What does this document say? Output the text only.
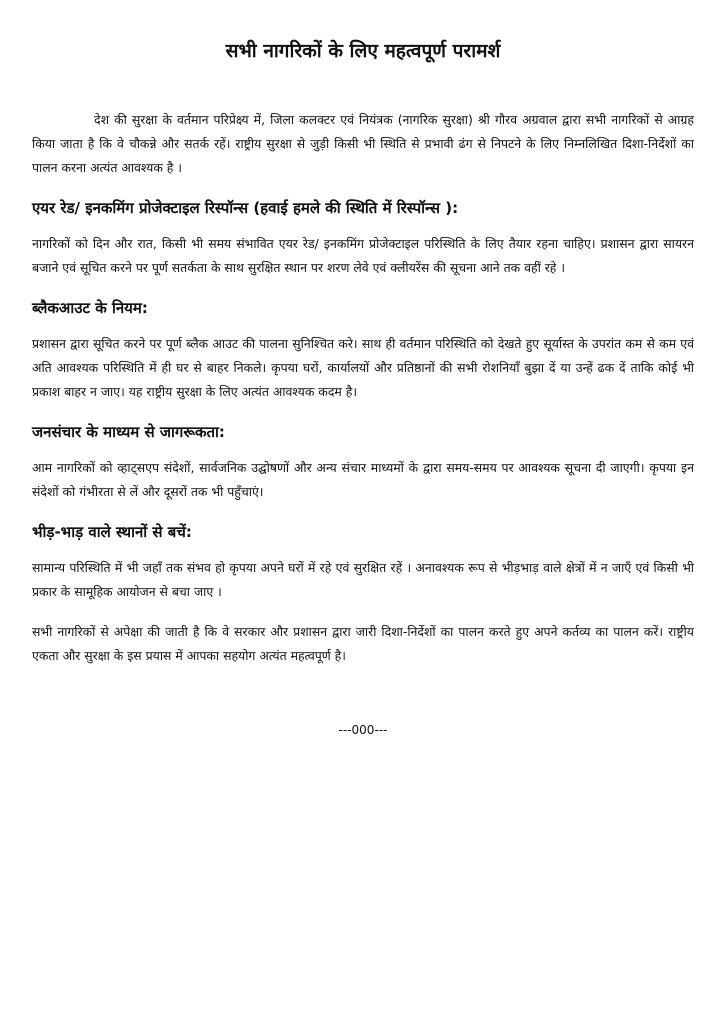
सभी नागरिकों के लिए महत्वपूर्ण परामर्श

देश की सुरक्षा के वर्तमान परिप्रेक्ष्य में, जिला कलक्टर एवं नियंत्रक (नागरिक सुरक्षा) श्री गौरव अग्रवाल द्वारा सभी नागरिकों से आग्रह किया जाता है कि वे चौकन्ने और सतर्क रहें। राष्ट्रीय सुरक्षा से जुड़ी किसी भी स्थिति से प्रभावी ढंग से निपटने के लिए निम्नलिखित दिशा-निर्देशों का पालन करना अत्यंत आवश्यक है ।

एयर रेड/ इनकमिंग प्रोजेक्टाइल रिस्पॉन्स (हवाई हमले की स्थिति में रिस्पॉन्स ):

नागरिकों को दिन और रात, किसी भी समय संभावित एयर रेड/ इनकमिंग प्रोजेक्टाइल परिस्थिति के लिए तैयार रहना चाहिए। प्रशासन द्वारा सायरन बजाने एवं सूचित करने पर पूर्ण सतर्कता के साथ सुरक्षित स्थान पर शरण लेवे एवं क्लीयरेंस की सूचना आने तक वहीं रहे ।

ब्लैकआउट के नियम:

प्रशासन द्वारा सूचित करने पर पूर्ण ब्लैक आउट की पालना सुनिश्चित करे। साथ ही वर्तमान परिस्थिति को देखते हुए सूर्यास्त के उपरांत कम से कम एवं अति आवश्यक परिस्थिति में ही घर से बाहर निकले। कृपया घरों, कार्यालयों और प्रतिष्ठानों की सभी रोशनियाँ बुझा दें या उन्हें ढक दें ताकि कोई भी प्रकाश बाहर न जाए। यह राष्ट्रीय सुरक्षा के लिए अत्यंत आवश्यक कदम है।

जनसंचार के माध्यम से जागरूकता:

आम नागरिकों को व्हाट्सएप संदेशों, सार्वजनिक उद्घोषणों और अन्य संचार माध्यमों के द्वारा समय-समय पर आवश्यक सूचना दी जाएगी। कृपया इन संदेशों को गंभीरता से लें और दूसरों तक भी पहुँचाएं।

भीड़-भाड़ वाले स्थानों से बचें:

सामान्य परिस्थिति में भी जहाँ तक संभव हो कृपया अपने घरों में रहे एवं सुरक्षित रहें । अनावश्यक रूप से भीड़भाड़ वाले क्षेत्रों में न जाएँ एवं किसी भी प्रकार के सामूहिक आयोजन से बचा जाए ।

सभी नागरिकों से अपेक्षा की जाती है कि वे सरकार और प्रशासन द्वारा जारी दिशा-निर्देशों का पालन करते हुए अपने कर्तव्य का पालन करें। राष्ट्रीय एकता और सुरक्षा के इस प्रयास में आपका सहयोग अत्यंत महत्वपूर्ण है।

---000---
